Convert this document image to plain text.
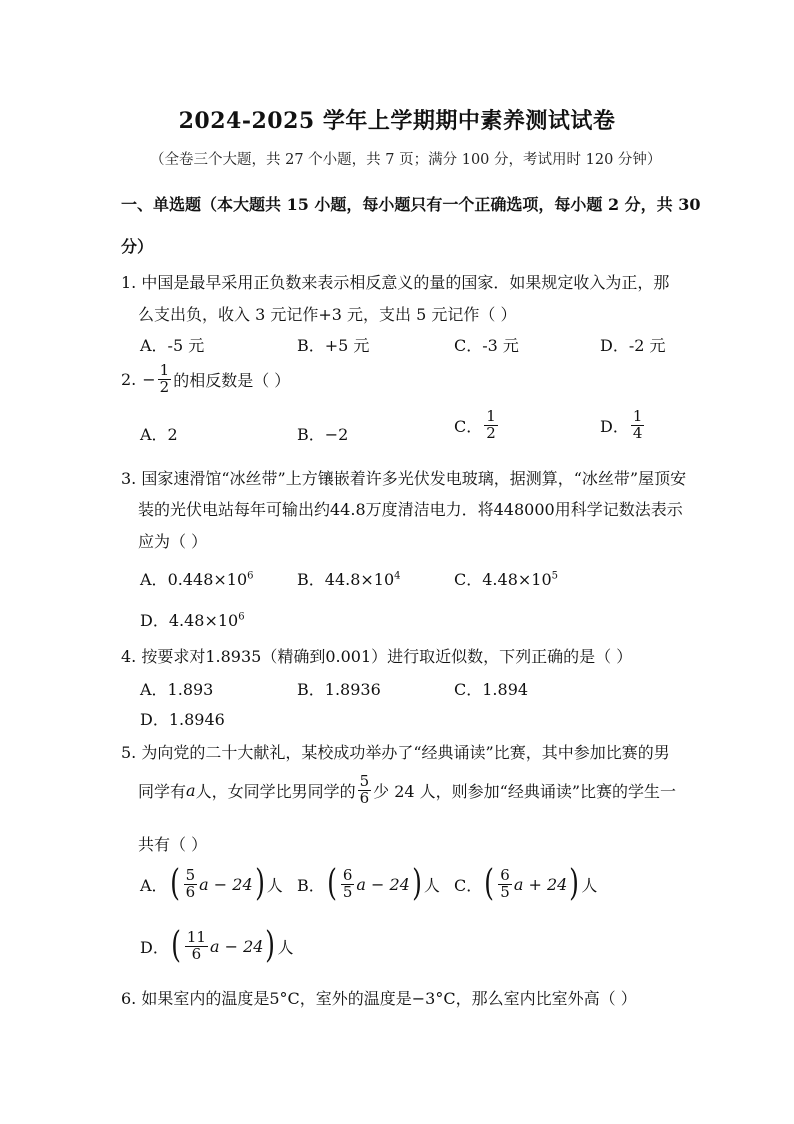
2024-2025 学年上学期期中素养测试试卷
（全卷三个大题，共 27 个小题，共 7 页；满分 100 分，考试用时 120 分钟）
一、单选题（本大题共 15 小题，每小题只有一个正确选项，每小题 2 分，共 30
分）
1. 中国是最早采用正负数来表示相反意义的量的国家．如果规定收入为正，那
么支出负，收入 3 元记作+3 元，支出 5 元记作（ ）
A．-5 元	B．+5 元	C．-3 元	D．-2 元
2. − $\frac{1}{2}$ 的相反数是（ ）
A．2	B．−2	C． $\frac{1}{2}$	D． $\frac{1}{4}$
3. 国家速滑馆“冰丝带”上方镶嵌着许多光伏发电玻璃，据测算，“冰丝带”屋顶安
装的光伏电站每年可输出约44.8万度清洁电力．将448000用科学记数法表示
应为（ ）
A．$0.448\times 10^6$	B．$44.8\times 10^4$	C．$4.48\times 10^5$
D．$4.48\times 10^6$
4. 按要求对1.8935（精确到0.001）进行取近似数，下列正确的是（ ）
A．1.893	B．1.8936	C．1.894
D．1.8946
5. 为向党的二十大献礼，某校成功举办了“经典诵读”比赛，其中参加比赛的男
同学有 a 人，女同学比男同学的 $\frac{5}{6}$ 少 24 人，则参加“经典诵读”比赛的学生一
共有（ ）
A． ( $\frac{5}{6}$ a − 24 ) 人 B． ( $\frac{6}{5}$ a − 24 ) 人 C． ( $\frac{6}{5}$ a + 24 ) 人
D． ( $\frac{11}{6}$ a − 24 ) 人
6. 如果室内的温度是5°C，室外的温度是−3°C，那么室内比室外高（ ）
